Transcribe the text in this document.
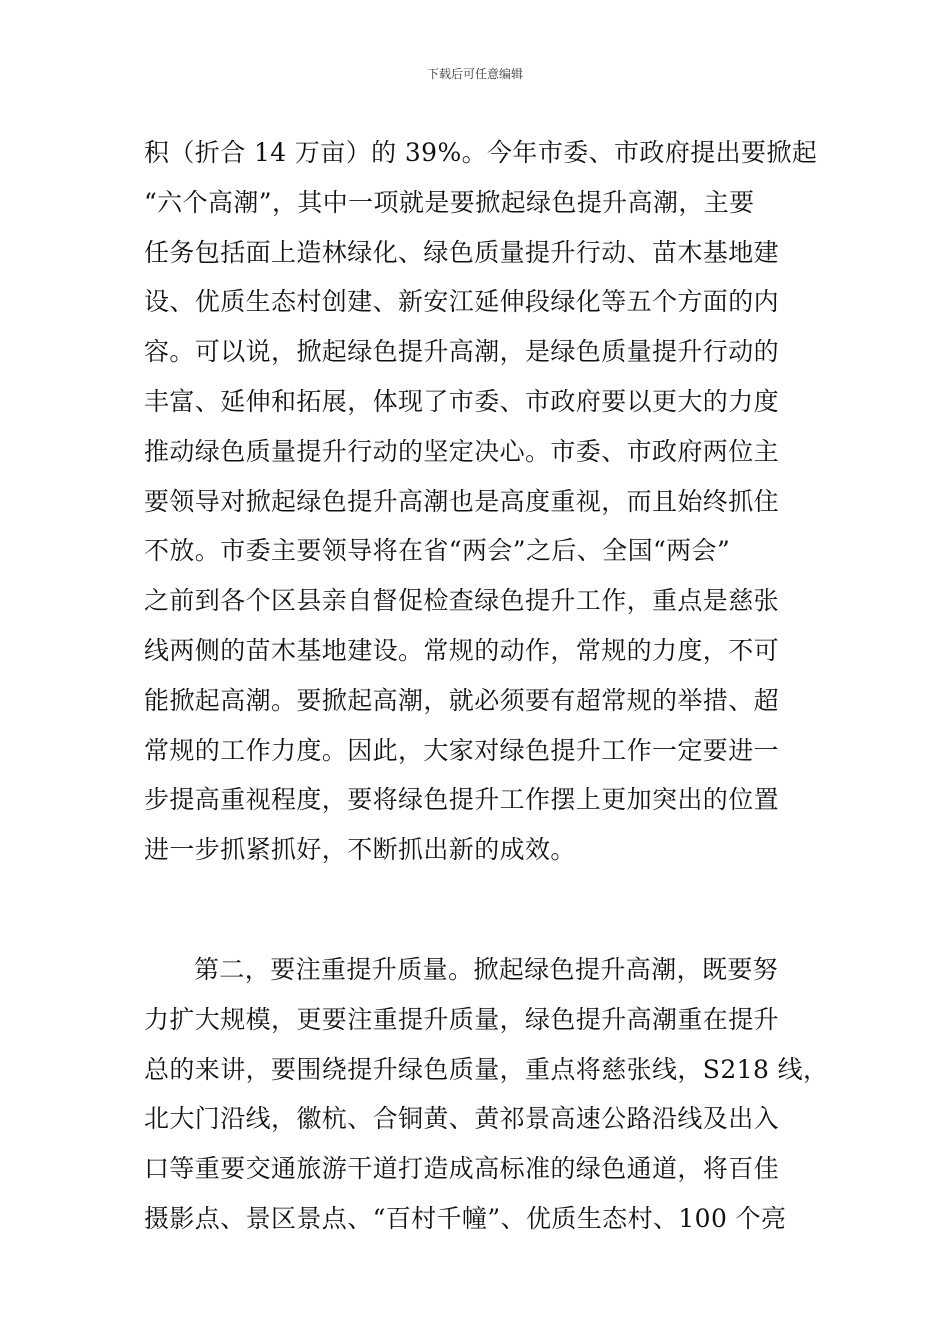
下载后可任意编辑
积（折合 14 万亩）的 39%。今年市委、市政府提出要掀起
“六个高潮”，其中一项就是要掀起绿色提升高潮，主要
任务包括面上造林绿化、绿色质量提升行动、苗木基地建
设、优质生态村创建、新安江延伸段绿化等五个方面的内
容。可以说，掀起绿色提升高潮，是绿色质量提升行动的
丰富、延伸和拓展，体现了市委、市政府要以更大的力度
推动绿色质量提升行动的坚定决心。市委、市政府两位主
要领导对掀起绿色提升高潮也是高度重视，而且始终抓住
不放。市委主要领导将在省“两会”之后、全国“两会”
之前到各个区县亲自督促检查绿色提升工作，重点是慈张
线两侧的苗木基地建设。常规的动作，常规的力度，不可
能掀起高潮。要掀起高潮，就必须要有超常规的举措、超
常规的工作力度。因此，大家对绿色提升工作一定要进一
步提高重视程度，要将绿色提升工作摆上更加突出的位置
进一步抓紧抓好，不断抓出新的成效。
第二，要注重提升质量。掀起绿色提升高潮，既要努
力扩大规模，更要注重提升质量，绿色提升高潮重在提升
总的来讲，要围绕提升绿色质量，重点将慈张线，S218 线，
北大门沿线，徽杭、合铜黄、黄祁景高速公路沿线及出入
口等重要交通旅游干道打造成高标准的绿色通道，将百佳
摄影点、景区景点、“百村千幢”、优质生态村、100 个亮
